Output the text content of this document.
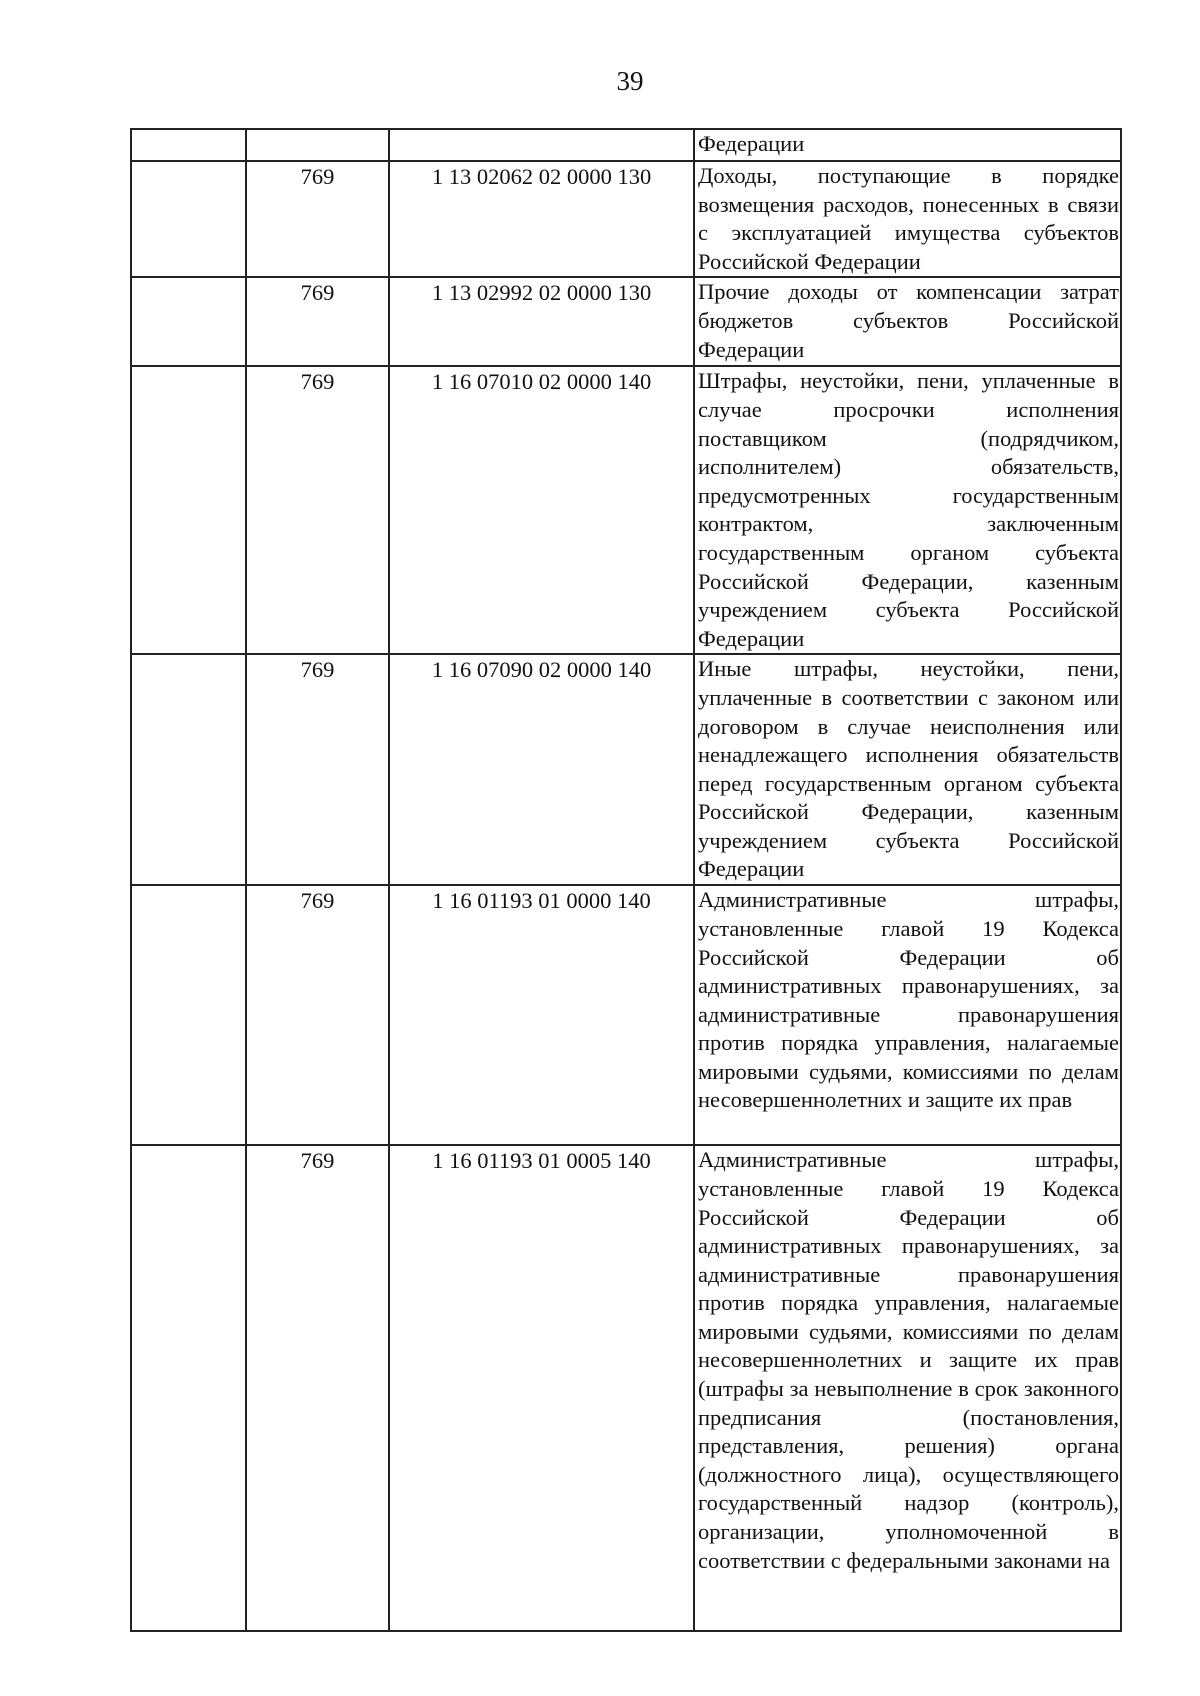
39
			Федерации
	769	1 13 02062 02 0000 130	Доходы, поступающие в порядке возмещения расходов, понесенных в связи с эксплуатацией имущества субъектов Российской Федерации
	769	1 13 02992 02 0000 130	Прочие доходы от компенсации затрат бюджетов субъектов Российской Федерации
	769	1 16 07010 02 0000 140	Штрафы, неустойки, пени, уплаченные в случае просрочки исполнения поставщиком (подрядчиком, исполнителем) обязательств, предусмотренных государственным контрактом, заключенным государственным органом субъекта Российской Федерации, казенным учреждением субъекта Российской Федерации
	769	1 16 07090 02 0000 140	Иные штрафы, неустойки, пени, уплаченные в соответствии с законом или договором в случае неисполнения или ненадлежащего исполнения обязательств перед государственным органом субъекта Российской Федерации, казенным учреждением субъекта Российской Федерации
	769	1 16 01193 01 0000 140	Административные штрафы, установленные главой 19 Кодекса Российской Федерации об административных правонарушениях, за административные правонарушения против порядка управления, налагаемые мировыми судьями, комиссиями по делам несовершеннолетних и защите их прав
	769	1 16 01193 01 0005 140	Административные штрафы, установленные главой 19 Кодекса Российской Федерации об административных правонарушениях, за административные правонарушения против порядка управления, налагаемые мировыми судьями, комиссиями по делам несовершеннолетних и защите их прав (штрафы за невыполнение в срок законного предписания (постановления, представления, решения) органа (должностного лица), осуществляющего государственный надзор (контроль), организации, уполномоченной в соответствии с федеральными законами на
